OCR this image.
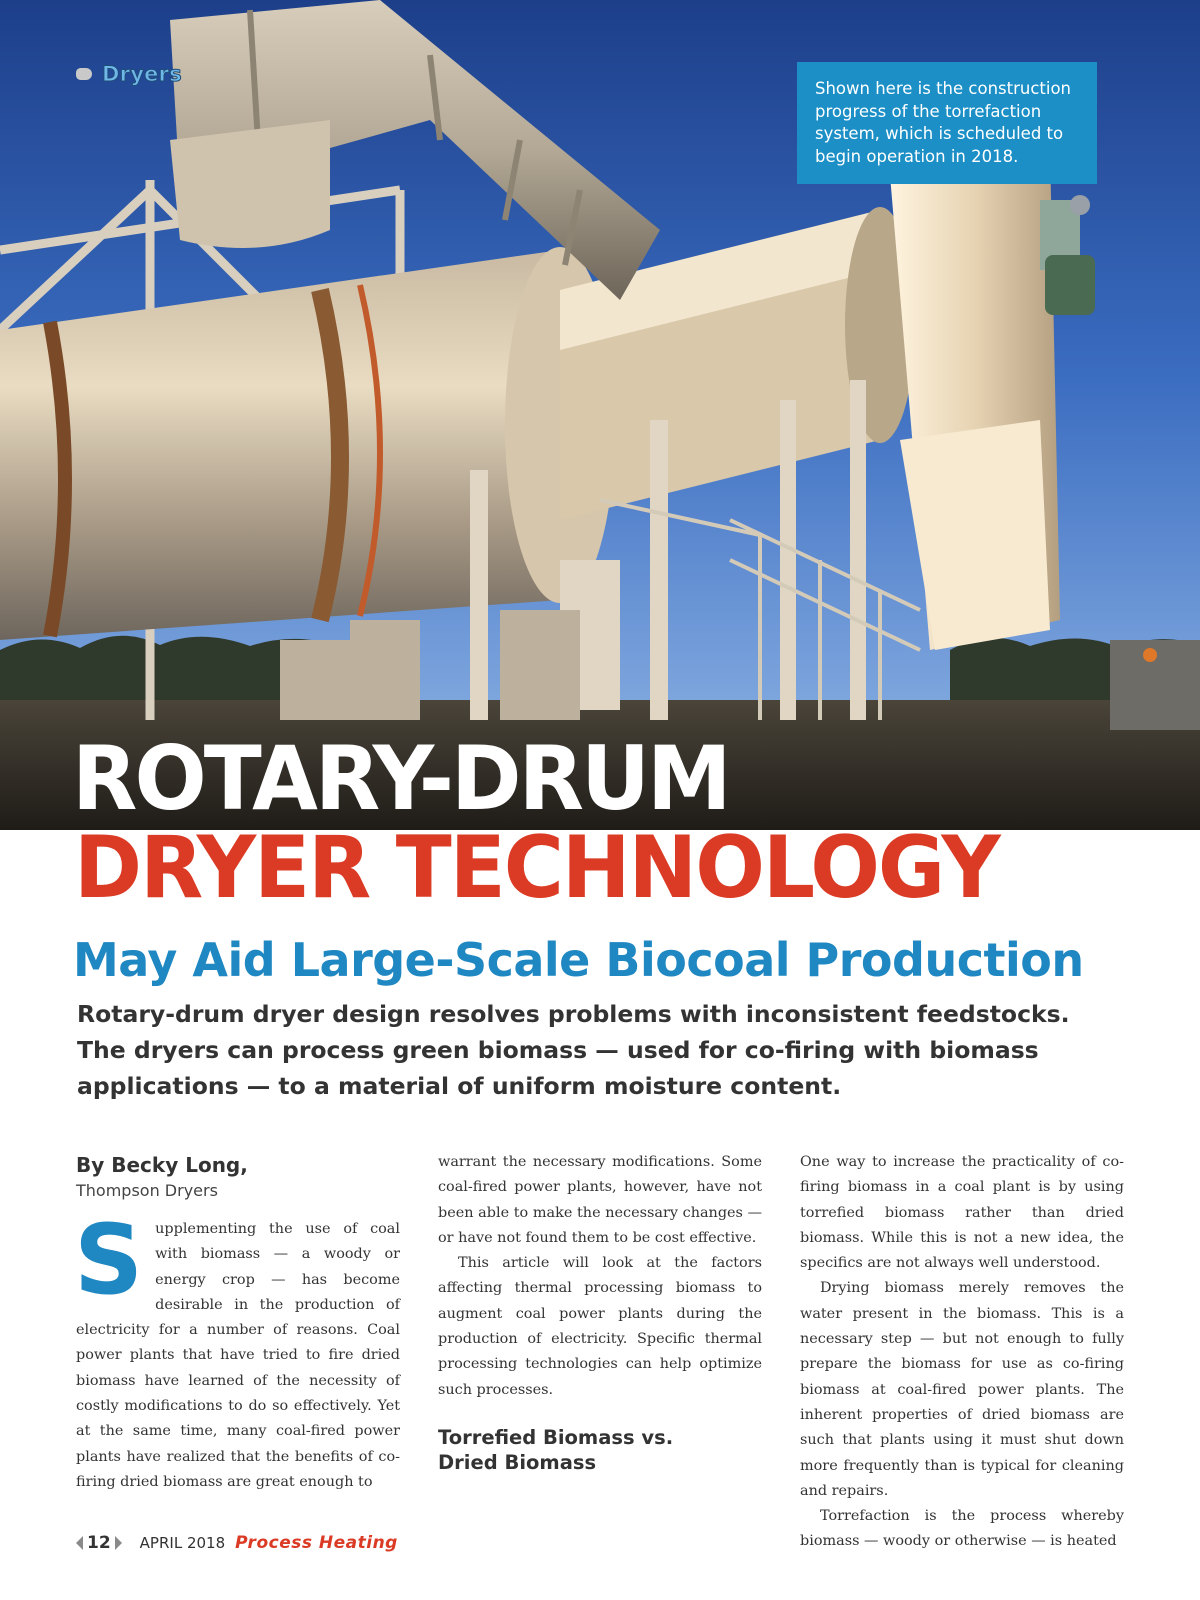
Dryers

Shown here is the construction progress of the torrefaction system, which is scheduled to begin operation in 2018.

ROTARY-DRUM
DRYER TECHNOLOGY
May Aid Large-Scale Biocoal Production

Rotary-drum dryer design resolves problems with inconsistent feedstocks. The dryers can process green biomass — used for co-firing with biomass applications — to a material of uniform moisture content.

By Becky Long,
Thompson Dryers

Supplementing the use of coal with biomass — a woody or energy crop — has become desirable in the production of electricity for a number of reasons. Coal power plants that have tried to fire dried biomass have learned of the necessity of costly modifications to do so effectively. Yet at the same time, many coal-fired power plants have realized that the benefits of co-firing dried biomass are great enough to

warrant the necessary modifications. Some coal-fired power plants, however, have not been able to make the necessary changes — or have not found them to be cost effective.

This article will look at the factors affecting thermal processing biomass to augment coal power plants during the production of electricity. Specific thermal processing technologies can help optimize such processes.

Torrefied Biomass vs.
Dried Biomass

One way to increase the practicality of co-firing biomass in a coal plant is by using torrefied biomass rather than dried biomass. While this is not a new idea, the specifics are not always well understood.

Drying biomass merely removes the water present in the biomass. This is a necessary step — but not enough to fully prepare the biomass for use as co-firing biomass at coal-fired power plants. The inherent properties of dried biomass are such that plants using it must shut down more frequently than is typical for cleaning and repairs.

Torrefaction is the process whereby biomass — woody or otherwise — is heated

12 APRIL 2018 Process Heating
